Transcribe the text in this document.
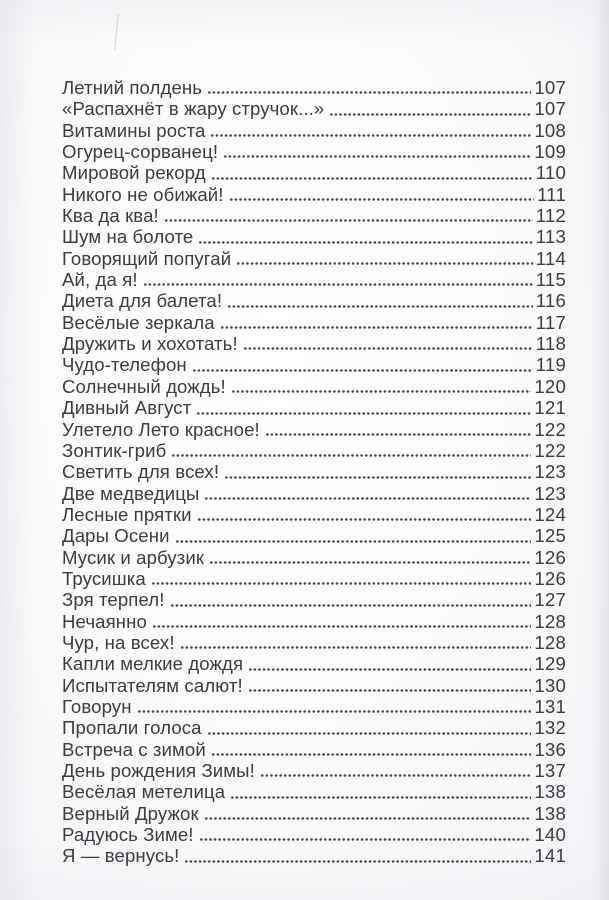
Летний полдень	107
«Распахнёт в жару стручок...»	107
Витамины роста	108
Огурец-сорванец!	109
Мировой рекорд	110
Никого не обижай!	111
Ква да ква!	112
Шум на болоте	113
Говорящий попугай	114
Ай, да я!	115
Диета для балета!	116
Весёлые зеркала	117
Дружить и хохотать!	118
Чудо-телефон	119
Солнечный дождь!	120
Дивный Август	121
Улетело Лето красное!	122
Зонтик-гриб	122
Светить для всех!	123
Две медведицы	123
Лесные прятки	124
Дары Осени	125
Мусик и арбузик	126
Трусишка	126
Зря терпел!	127
Нечаянно	128
Чур, на всех!	128
Капли мелкие дождя	129
Испытателям салют!	130
Говорун	131
Пропали голоса	132
Встреча с зимой	136
День рождения Зимы!	137
Весёлая метелица	138
Верный Дружок	138
Радуюсь Зиме!	140
Я — вернусь!	141
